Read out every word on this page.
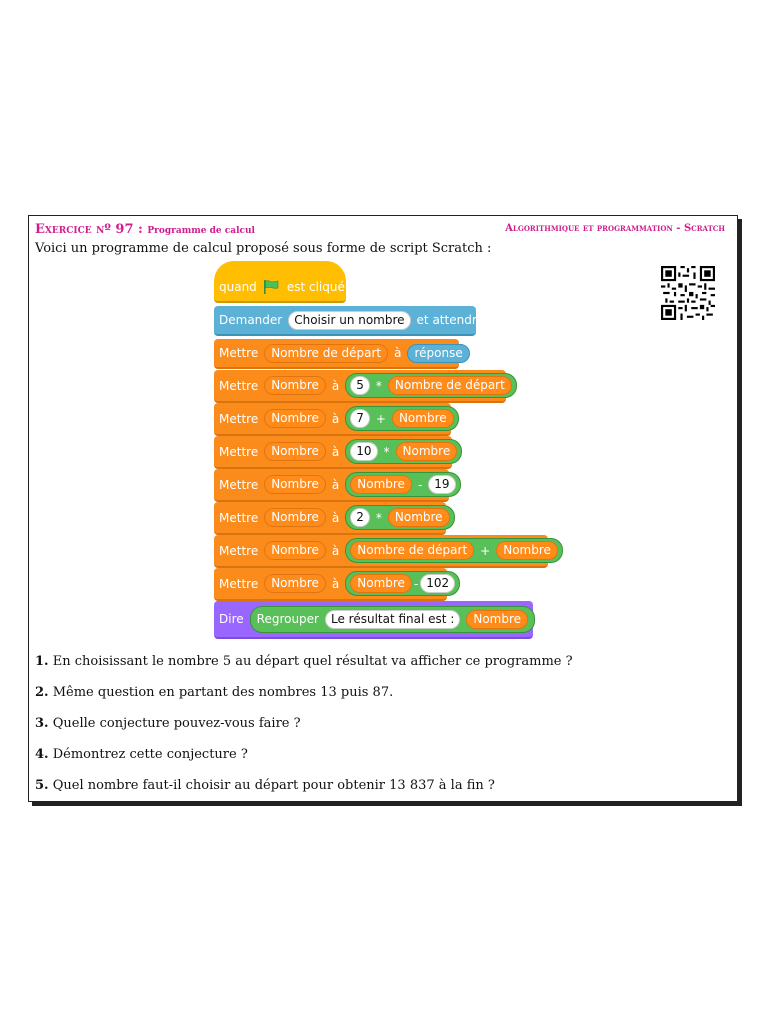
Exercice nº 97 : Programme de calcul	Algorithmique et programmation - Scratch
Voici un programme de calcul proposé sous forme de script Scratch :
quand	est cliqué
Demander	Choisir un nombre	et attendre
Mettre	Nombre de départ	à	réponse
Mettre	Nombre	à	5	*	Nombre de départ
Mettre	Nombre	à	7	+	Nombre
Mettre	Nombre	à	10	*	Nombre
Mettre	Nombre	à	Nombre	-	19
Mettre	Nombre	à	2	*	Nombre
Mettre	Nombre	à	Nombre de départ	+	Nombre
Mettre	Nombre	à	Nombre - 102
Dire Regrouper	Le résultat final est :	Nombre
1. En choisissant le nombre 5 au départ quel résultat va afficher ce programme ?
2. Même question en partant des nombres 13 puis 87.
3. Quelle conjecture pouvez-vous faire ?
4. Démontrez cette conjecture ?
5. Quel nombre faut-il choisir au départ pour obtenir 13 837 à la fin ?
